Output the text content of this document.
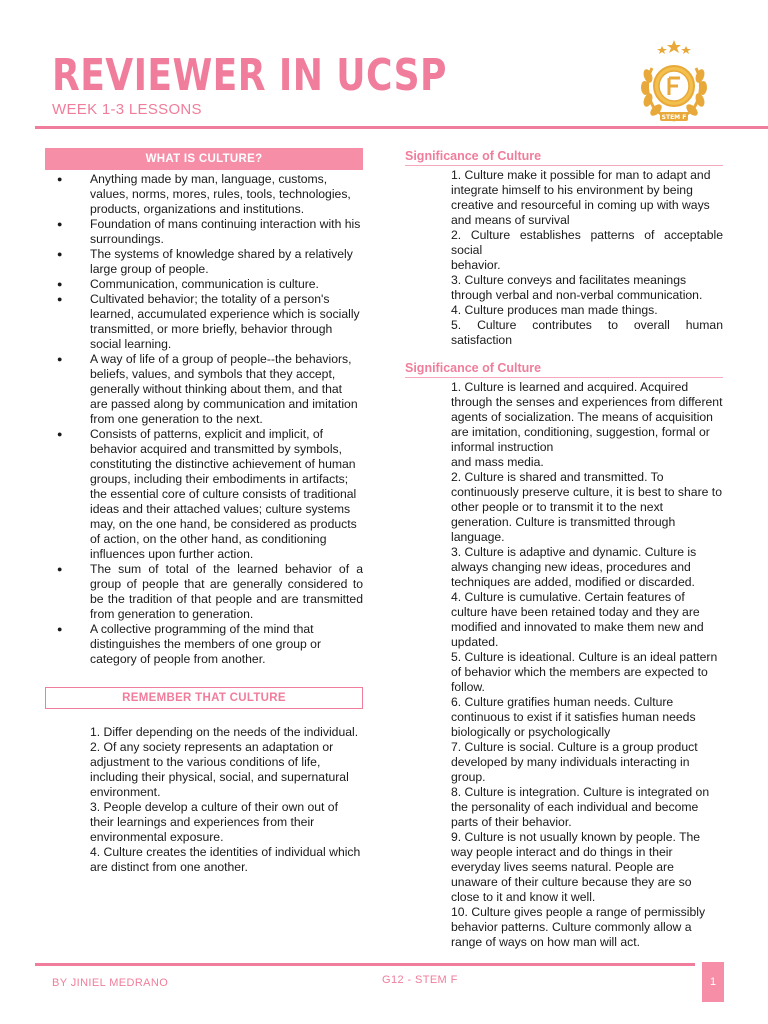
REVIEWER IN UCSP
WEEK 1-3 LESSONS	STEM F
WHAT IS CULTURE?
● Anything made by man, language, customs, values, norms, mores, rules, tools, technologies, products, organizations and institutions.
● Foundation of mans continuing interaction with his surroundings.
● The systems of knowledge shared by a relatively large group of people.
● Communication, communication is culture.
● Cultivated behavior; the totality of a person's learned, accumulated experience which is socially transmitted, or more briefly, behavior through social learning.
● A way of life of a group of people--the behaviors, beliefs, values, and symbols that they accept, generally without thinking about them, and that are passed along by communication and imitation from one generation to the next.
● Consists of patterns, explicit and implicit, of behavior acquired and transmitted by symbols, constituting the distinctive achievement of human groups, including their embodiments in artifacts; the essential core of culture consists of traditional ideas and their attached values; culture systems may, on the one hand, be considered as products of action, on the other hand, as conditioning influences upon further action.
● The sum of total of the learned behavior of a group of people that are generally considered to be the tradition of that people and are transmitted from generation to generation.
● A collective programming of the mind that distinguishes the members of one group or category of people from another.
REMEMBER THAT CULTURE

1. Differ depending on the needs of the individual.

2. Of any society represents an adaptation or adjustment to the various conditions of life, including their physical, social, and supernatural environment.

3. People develop a culture of their own out of their learnings and experiences from their environmental exposure.

4. Culture creates the identities of individual which are distinct from one another.

Significance of Culture

1. Culture make it possible for man to adapt and integrate himself to his environment by being creative and resourceful in coming up with ways and means of survival

2. Culture establishes patterns of acceptable social

behavior.

3. Culture conveys and facilitates meanings through verbal and non-verbal communication.

4. Culture produces man made things.

5. Culture contributes to overall human satisfaction

Significance of Culture

1. Culture is learned and acquired. Acquired through the senses and experiences from different agents of socialization. The means of acquisition are imitation, conditioning, suggestion, formal or informal instruction

and mass media.

2. Culture is shared and transmitted. To continuously preserve culture, it is best to share to other people or to transmit it to the next generation. Culture is transmitted through language.

3. Culture is adaptive and dynamic. Culture is always changing new ideas, procedures and techniques are added, modified or discarded.

4. Culture is cumulative. Certain features of culture have been retained today and they are modified and innovated to make them new and updated.

5. Culture is ideational. Culture is an ideal pattern of behavior which the members are expected to follow.

6. Culture gratifies human needs. Culture continuous to exist if it satisfies human needs biologically or psychologically

7. Culture is social. Culture is a group product developed by many individuals interacting in group.

8. Culture is integration. Culture is integrated on the personality of each individual and become parts of their behavior.

9. Culture is not usually known by people. The way people interact and do things in their everyday lives seems natural. People are unaware of their culture because they are so close to it and know it well.

10. Culture gives people a range of permissibly behavior patterns. Culture commonly allow a range of ways on how man will act.

BY JINIEL MEDRANO	G12 - STEM F	1
